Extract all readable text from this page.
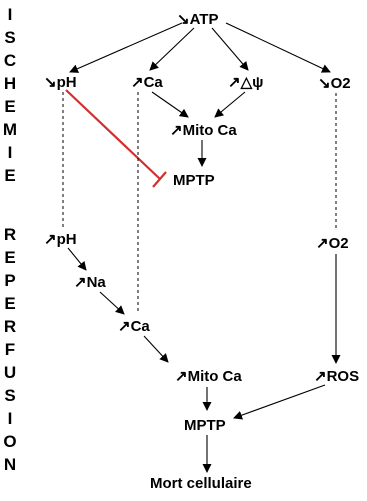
I
S
C
H
E
M
I
E
R
E
P
E
R
F
U
S
I
O
N
↘ATP
↘pH	↗Ca	↗△ψ	↘O2
↗Mito Ca
MPTP
↗pH	↗O2
↗Na
↗Ca
↗Mito Ca	↗ROS
MPTP
Mort cellulaire
